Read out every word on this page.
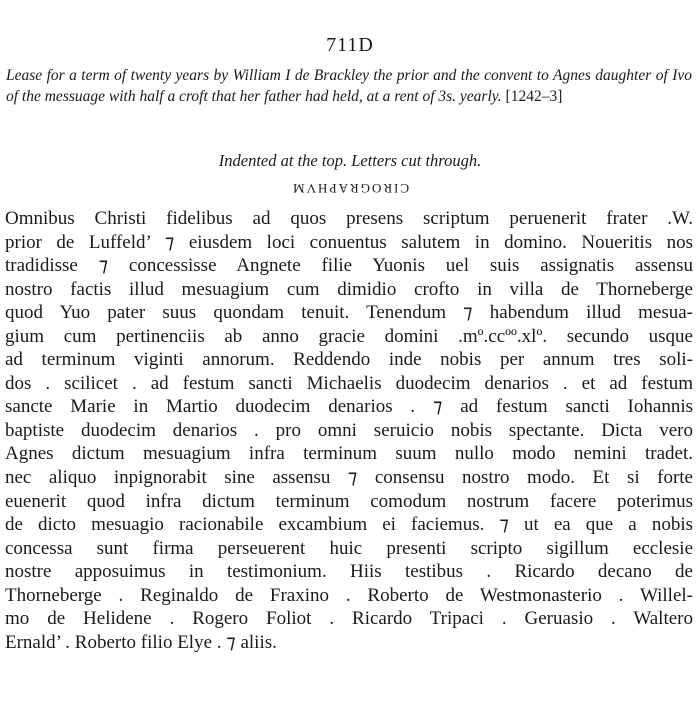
711D
Lease for a term of twenty years by William I de Brackley the prior and the convent to Agnes daughter of Ivo of the messuage with half a croft that her father had held, at a rent of 3s. yearly. [1242–3]
Indented at the top. Letters cut through.
CIROGRAPHVM
Omnibus Christi fidelibus ad quos presens scriptum peruenerit frater .W.
prior de Luffeld’ ⁊ eiusdem loci conuentus salutem in domino. Noueritis nos
tradidisse ⁊ concessisse Angnete filie Yuonis uel suis assignatis assensu
nostro factis illud mesuagium cum dimidio crofto in villa de Thorneberge
quod Yuo pater suus quondam tenuit. Tenendum ⁊ habendum illud mesua-
gium cum pertinenciis ab anno gracie domini .mº.ccºº.xlº. secundo usque
ad terminum viginti annorum. Reddendo inde nobis per annum tres soli-
dos . scilicet . ad festum sancti Michaelis duodecim denarios . et ad festum
sancte Marie in Martio duodecim denarios . ⁊ ad festum sancti Iohannis
baptiste duodecim denarios . pro omni seruicio nobis spectante. Dicta vero
Agnes dictum mesuagium infra terminum suum nullo modo nemini tradet.
nec aliquo inpignorabit sine assensu ⁊ consensu nostro modo. Et si forte
euenerit quod infra dictum terminum comodum nostrum facere poterimus
de dicto mesuagio racionabile excambium ei faciemus. ⁊ ut ea que a nobis
concessa sunt firma perseuerent huic presenti scripto sigillum ecclesie
nostre apposuimus in testimonium. Hiis testibus . Ricardo decano de
Thorneberge . Reginaldo de Fraxino . Roberto de Westmonasterio . Willel-
mo de Helidene . Rogero Foliot . Ricardo Tripaci . Geruasio . Waltero
Ernald’ . Roberto filio Elye . ⁊ aliis.
